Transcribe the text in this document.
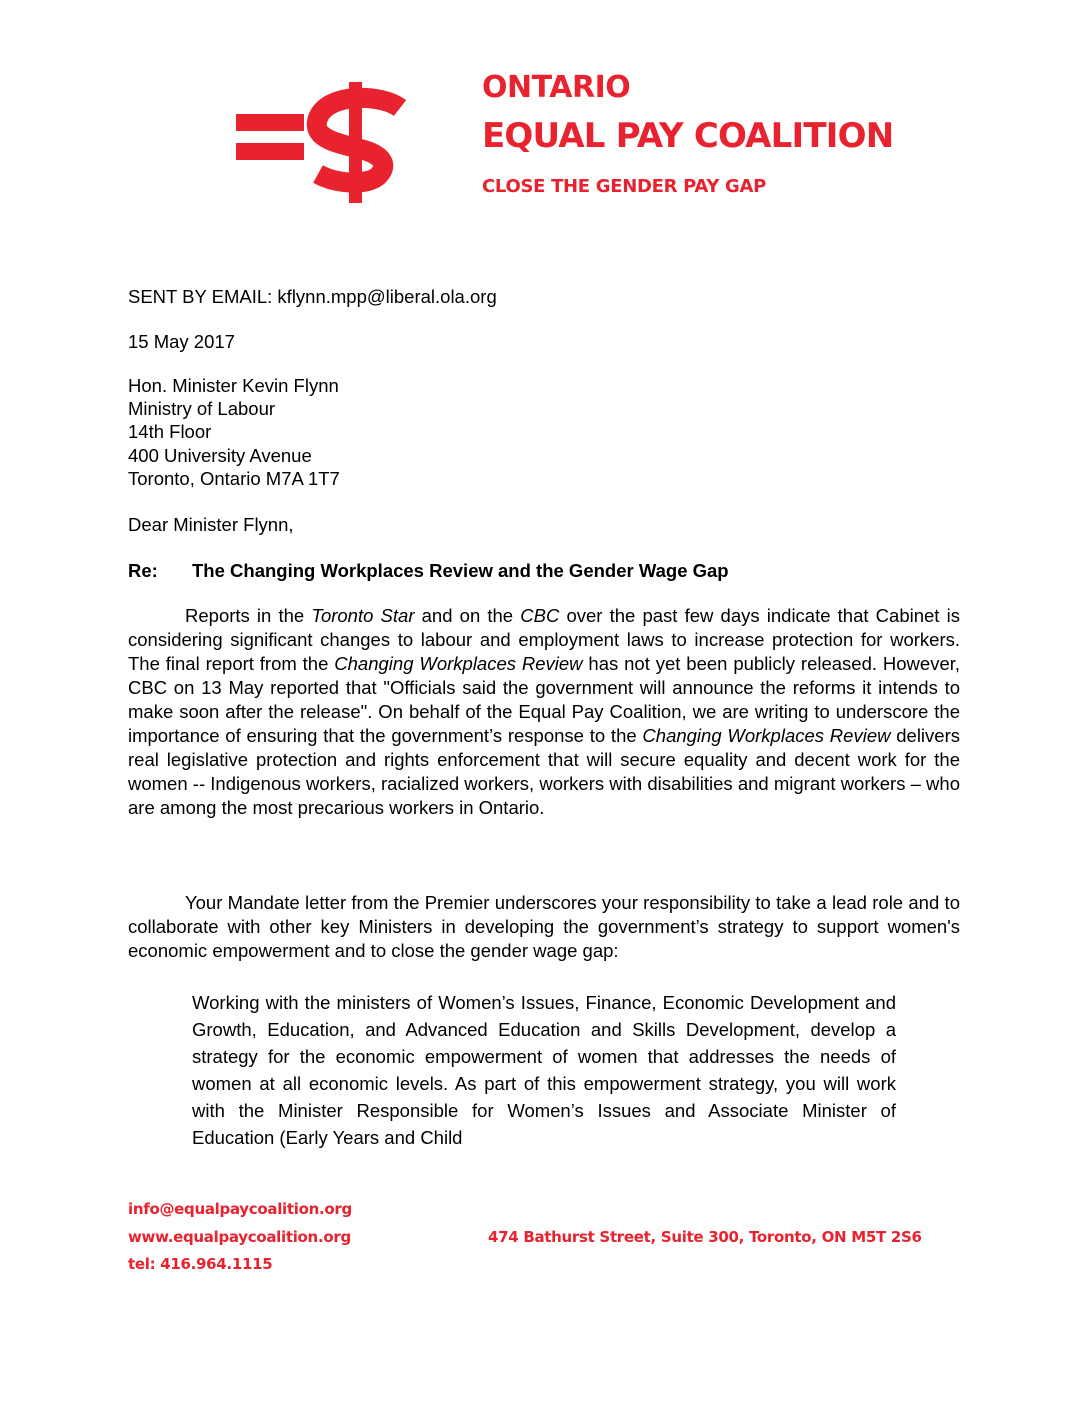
ONTARIO
EQUAL PAY COALITION
CLOSE THE GENDER PAY GAP
SENT BY EMAIL: kflynn.mpp@liberal.ola.org
15 May 2017
Hon. Minister Kevin Flynn
Ministry of Labour
14th Floor
400 University Avenue
Toronto, Ontario M7A 1T7
Dear Minister Flynn,
Re: The Changing Workplaces Review and the Gender Wage Gap

Reports in the Toronto Star and on the CBC over the past few days indicate that Cabinet is considering significant changes to labour and employment laws to increase protection for workers. The final report from the Changing Workplaces Review has not yet been publicly released. However, CBC on 13 May reported that "Officials said the government will announce the reforms it intends to make soon after the release". On behalf of the Equal Pay Coalition, we are writing to underscore the importance of ensuring that the government’s response to the Changing Workplaces Review delivers real legislative protection and rights enforcement that will secure equality and decent work for the women -- Indigenous workers, racialized workers, workers with disabilities and migrant workers – who are among the most precarious workers in Ontario.

Your Mandate letter from the Premier underscores your responsibility to take a lead role and to collaborate with other key Ministers in developing the government’s strategy to support women's economic empowerment and to close the gender wage gap:

Working with the ministers of Women’s Issues, Finance, Economic Development and Growth, Education, and Advanced Education and Skills Development, develop a strategy for the economic empowerment of women that addresses the needs of women at all economic levels. As part of this empowerment strategy, you will work with the Minister Responsible for Women’s Issues and Associate Minister of Education (Early Years and Child

info@equalpaycoalition.org
www.equalpaycoalition.org
tel: 416.964.1115
474 Bathurst Street, Suite 300, Toronto, ON M5T 2S6
